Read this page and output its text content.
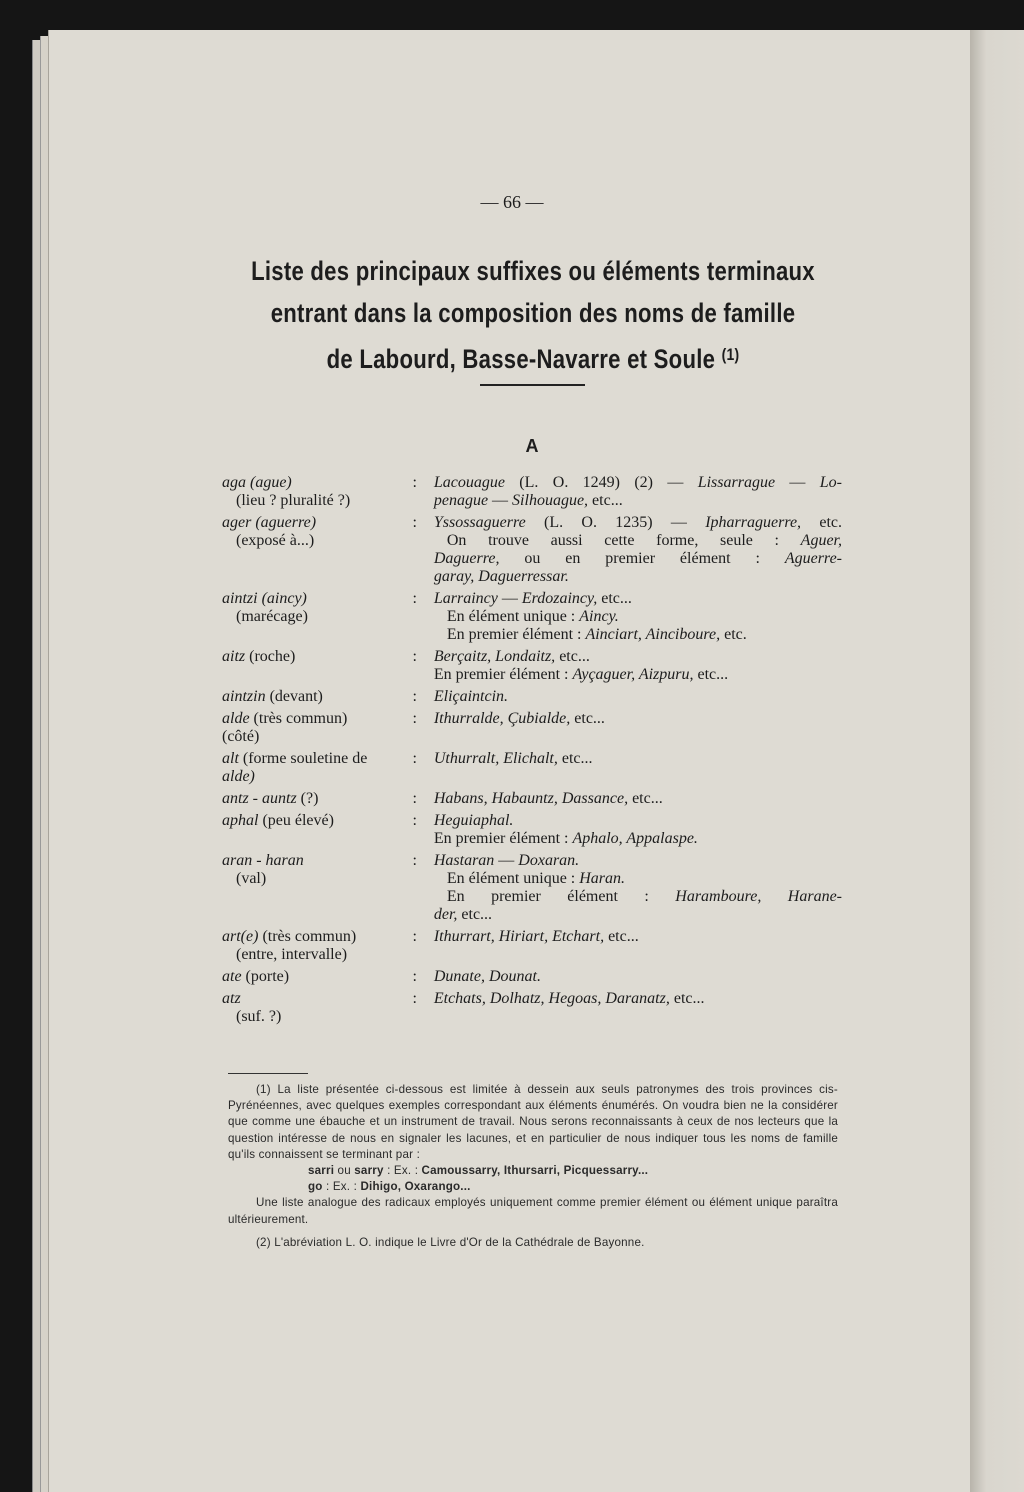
— 66 —
Liste des principaux suffixes ou éléments terminaux
entrant dans la composition des noms de famille
de Labourd, Basse-Navarre et Soule $^{(1)}$
A
aga (ague)
(lieu ? pluralité ?)
:	Lacouague (L. O. 1249) (2) — Lissarrague — Lo-
penague — Silhouague, etc...
ager (aguerre)
(exposé à...)
:	Yssossaguerre (L. O. 1235) — Ipharraguerre, etc.
On trouve aussi cette forme, seule : Aguer,
Daguerre, ou en premier élément : Aguerre-
garay, Daguerressar.
aintzi (aincy)
(marécage)
:	Larraincy — Erdozaincy, etc...
En élément unique : Aincy.
En premier élément : Ainciart, Ainciboure, etc.
aitz (roche)	:	Berçaitz, Londaitz, etc...
En premier élément : Ayçaguer, Aizpuru, etc...
aintzin (devant)	:	Eliçaintcin.
alde (très commun)
(côté)
:	Ithurralde, Çubialde, etc...
alt (forme souletine de
alde)
:	Uthurralt, Elichalt, etc...
antz - auntz (?)	:	Habans, Habauntz, Dassance, etc...
aphal (peu élevé)	:	Heguiaphal.
En premier élément : Aphalo, Appalaspe.
aran - haran
(val)
:	Hastaran — Doxaran.
En élément unique : Haran.
En premier élément : Haramboure, Harane-
der, etc...
art(e) (très commun)
(entre, intervalle)
:	Ithurrart, Hiriart, Etchart, etc...
ate (porte)	:	Dunate, Dounat.
atz
(suf. ?)
:	Etchats, Dolhatz, Hegoas, Daranatz, etc...

(1) La liste présentée ci-dessous est limitée à dessein aux seuls patronymes des trois provinces cis-Pyrénéennes, avec quelques exemples correspondant aux éléments énumérés. On voudra bien ne la considérer que comme une ébauche et un instrument de travail. Nous serons reconnaissants à ceux de nos lecteurs que la question intéresse de nous en signaler les lacunes, et en particulier de nous indiquer tous les noms de famille qu'ils connaissent se terminant par :

sarri ou sarry : Ex. : Camoussarry, Ithursarri, Picquessarry...

go : Ex. : Dihigo, Oxarango...

Une liste analogue des radicaux employés uniquement comme premier élément ou élément unique paraîtra ultérieurement.

(2) L'abréviation L. O. indique le Livre d'Or de la Cathédrale de Bayonne.
